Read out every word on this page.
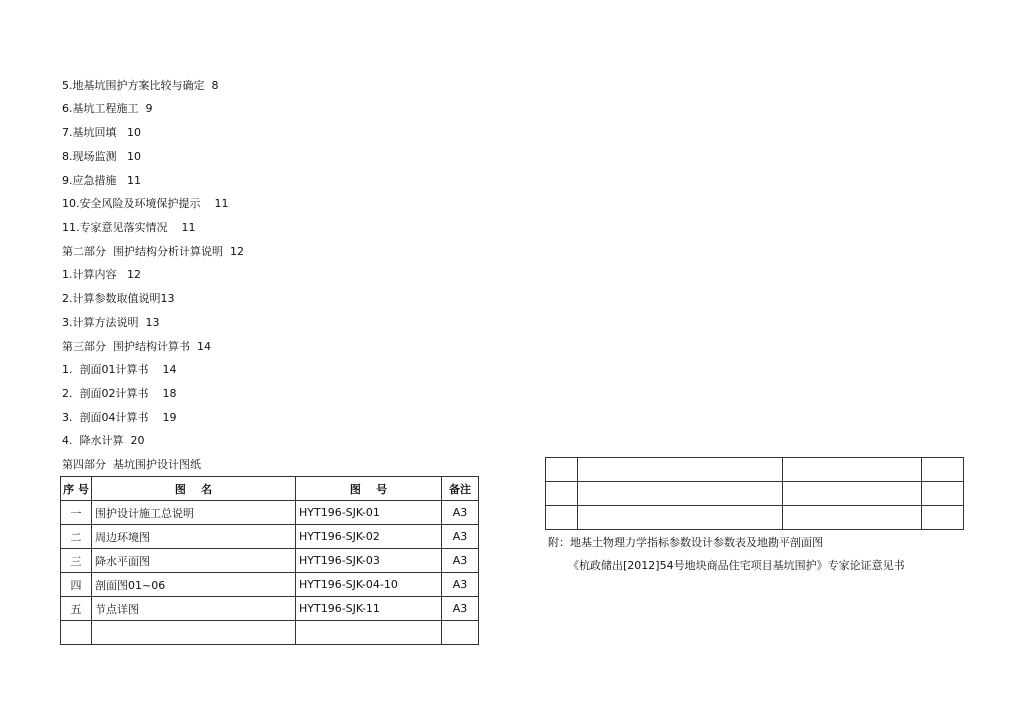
5.地基坑围护方案比较与确定  8
6.基坑工程施工  9
7.基坑回填   10
8.现场监测   10
9.应急措施   11
10.安全风险及环境保护提示    11
11.专家意见落实情况    11
第二部分  围护结构分析计算说明  12
1.计算内容   12
2.计算参数取值说明13
3.计算方法说明  13
第三部分  围护结构计算书  14
1.  剖面01计算书    14
2.  剖面02计算书    18
3.  剖面04计算书    19
4.  降水计算  20
第四部分  基坑围护设计图纸
序 号	图    名	图    号	备注
一	围护设计施工总说明	HYT196-SJK-01	A3
二	周边环境图	HYT196-SJK-02	A3
三	降水平面图	HYT196-SJK-03	A3
四	剖面图01~06	HYT196-SJK-04-10	A3
五	节点详图	HYT196-SJK-11	A3

附：地基土物理力学指标参数设计参数表及地勘平剖面图
《杭政储出[2012]54号地块商品住宅项目基坑围护》专家论证意见书
